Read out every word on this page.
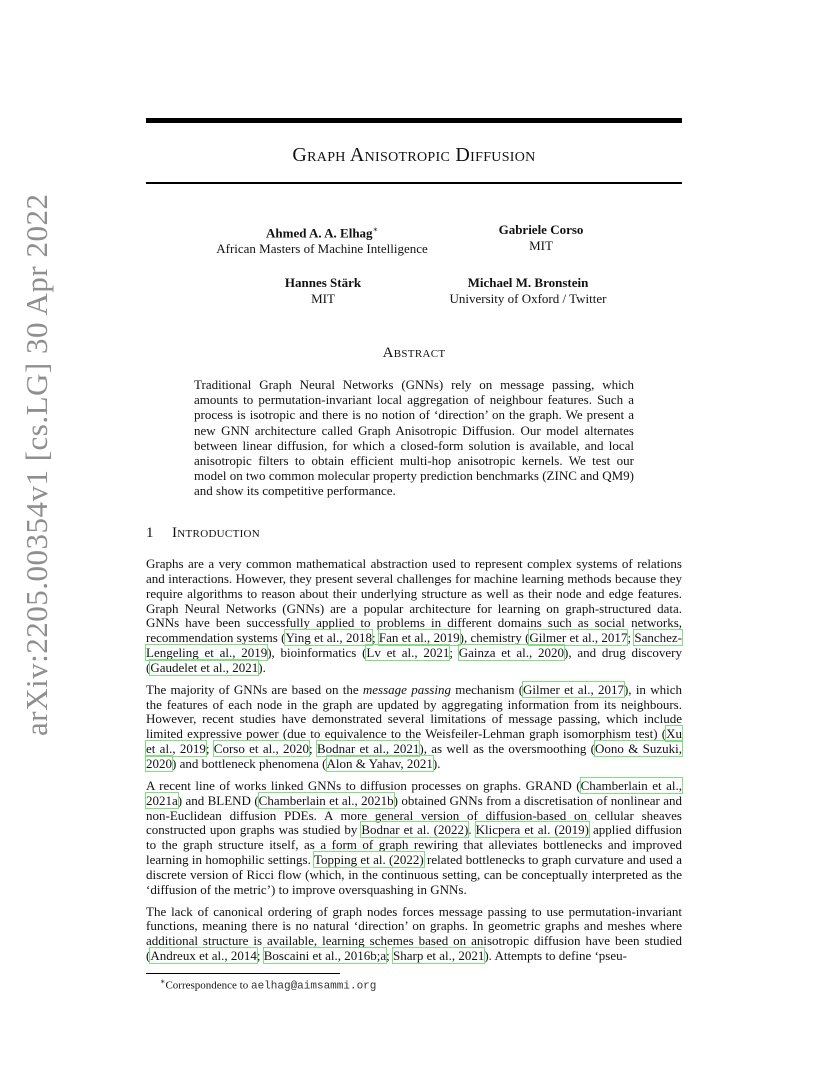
arXiv:2205.00354v1 [cs.LG] 30 Apr 2022
Graph Anisotropic Diffusion
Ahmed A. A. Elhag∗
African Masters of Machine Intelligence
Gabriele Corso
MIT
Hannes Stärk
MIT
Michael M. Bronstein
University of Oxford / Twitter
Abstract
Traditional Graph Neural Networks (GNNs) rely on message passing, which amounts to permutation-invariant local aggregation of neighbour features. Such a process is isotropic and there is no notion of ‘direction’ on the graph. We present a new GNN architecture called Graph Anisotropic Diffusion. Our model alternates between linear diffusion, for which a closed-form solution is available, and local anisotropic filters to obtain efficient multi-hop anisotropic kernels. We test our model on two common molecular property prediction benchmarks (ZINC and QM9) and show its competitive performance.
1 Introduction

Graphs are a very common mathematical abstraction used to represent complex systems of relations and interactions. However, they present several challenges for machine learning methods because they require algorithms to reason about their underlying structure as well as their node and edge features. Graph Neural Networks (GNNs) are a popular architecture for learning on graph-structured data. GNNs have been successfully applied to problems in different domains such as social networks, recommendation systems (Ying et al., 2018; Fan et al., 2019), chemistry (Gilmer et al., 2017; Sanchez-Lengeling et al., 2019), bioinformatics (Lv et al., 2021; Gainza et al., 2020), and drug discovery (Gaudelet et al., 2021).

The majority of GNNs are based on the message passing mechanism (Gilmer et al., 2017), in which the features of each node in the graph are updated by aggregating information from its neighbours. However, recent studies have demonstrated several limitations of message passing, which include limited expressive power (due to equivalence to the Weisfeiler-Lehman graph isomorphism test) (Xu et al., 2019; Corso et al., 2020; Bodnar et al., 2021), as well as the oversmoothing (Oono & Suzuki, 2020) and bottleneck phenomena (Alon & Yahav, 2021).

A recent line of works linked GNNs to diffusion processes on graphs. GRAND (Chamberlain et al., 2021a) and BLEND (Chamberlain et al., 2021b) obtained GNNs from a discretisation of nonlinear and non-Euclidean diffusion PDEs. A more general version of diffusion-based on cellular sheaves constructed upon graphs was studied by Bodnar et al. (2022). Klicpera et al. (2019) applied diffusion to the graph structure itself, as a form of graph rewiring that alleviates bottlenecks and improved learning in homophilic settings. Topping et al. (2022) related bottlenecks to graph curvature and used a discrete version of Ricci flow (which, in the continuous setting, can be conceptually interpreted as the ‘diffusion of the metric’) to improve oversquashing in GNNs.

The lack of canonical ordering of graph nodes forces message passing to use permutation-invariant functions, meaning there is no natural ‘direction’ on graphs. In geometric graphs and meshes where additional structure is available, learning schemes based on anisotropic diffusion have been studied (Andreux et al., 2014; Boscaini et al., 2016b;a; Sharp et al., 2021). Attempts to define ‘pseu-

∗Correspondence to aelhag@aimsammi.org
